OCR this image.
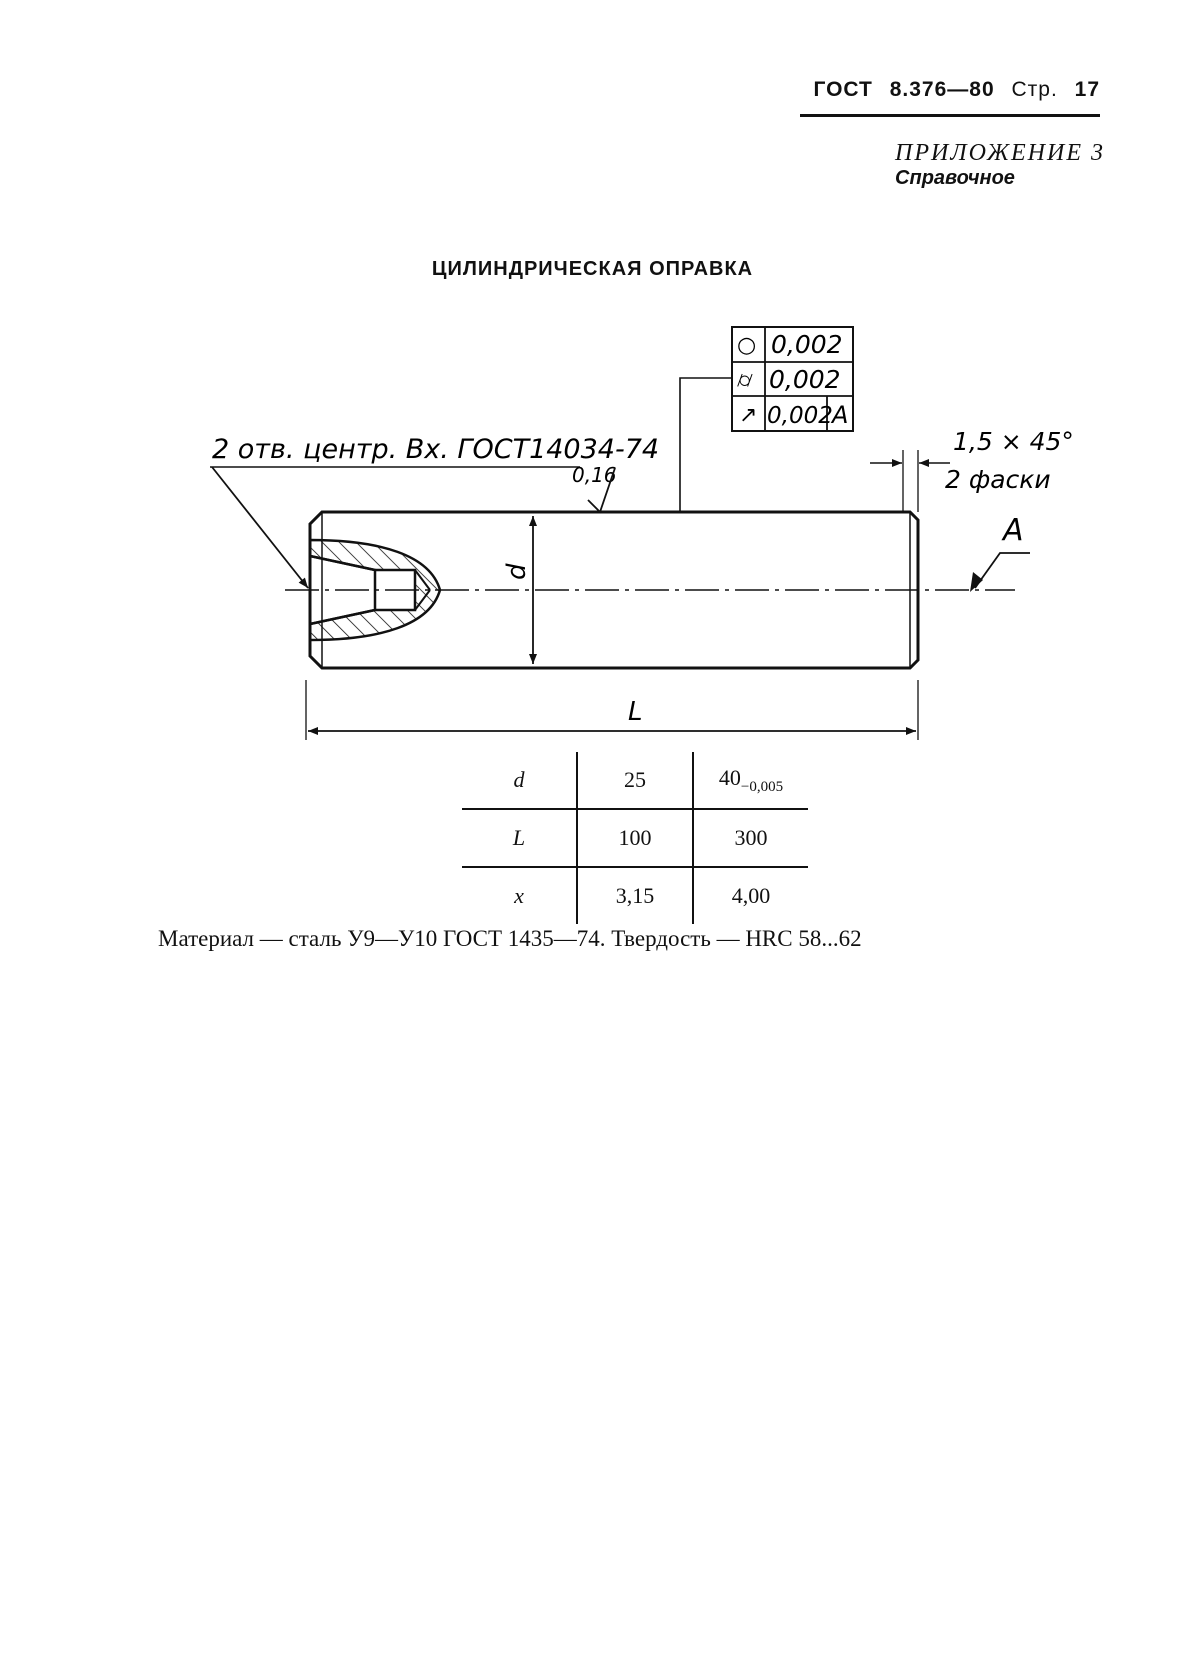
ГОСТ 8.376—80 Стр. 17
ПРИЛОЖЕНИЕ 3
Справочное
ЦИЛИНДРИЧЕСКАЯ ОПРАВКА
2 отв. центр. Вх. ГОСТ14034-74
0,16
d
L
1,5 × 45°
2 фаски
A
○ 0,002
⌭ 0,002
↗ 0,002 A
d	25	$40_{-0,005}$
L	100	300
x	3,15	4,00
Материал — сталь У9—У10 ГОСТ 1435—74. Твердость — HRC 58...62
